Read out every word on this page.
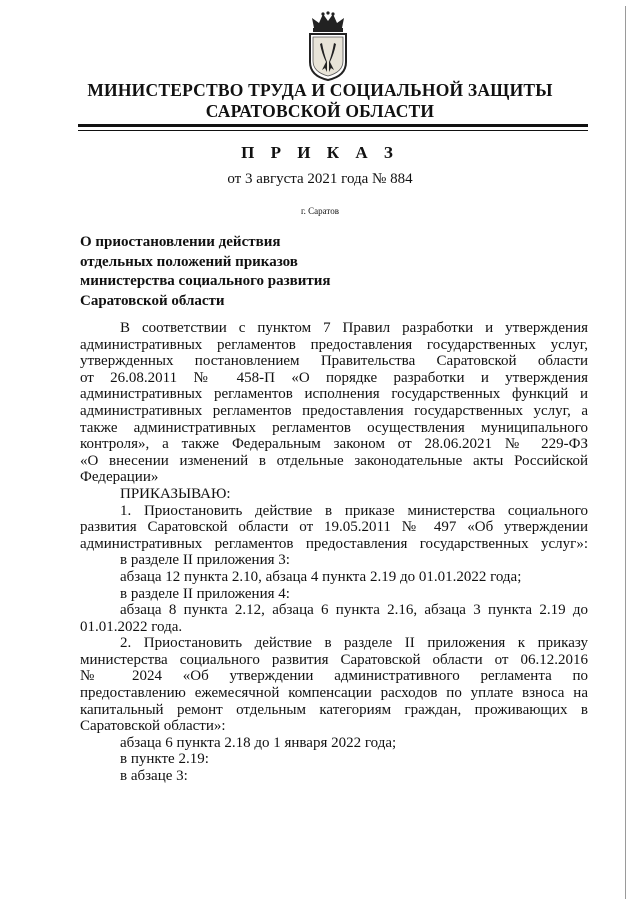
МИНИСТЕРСТВО ТРУДА И СОЦИАЛЬНОЙ ЗАЩИТЫ
САРАТОВСКОЙ ОБЛАСТИ
П Р И К А З
от 3 августа 2021 года № 884
г. Саратов
О приостановлении действия
отдельных положений приказов
министерства социального развития
Саратовской области
В соответствии с пунктом 7 Правил разработки и утверждения
административных регламентов предоставления государственных услуг,
утвержденных постановлением Правительства Саратовской области
от 26.08.2011 № 458-П «О порядке разработки и утверждения
административных регламентов исполнения государственных функций и
административных регламентов предоставления государственных услуг, а
также административных регламентов осуществления муниципального
контроля», а также Федеральным законом от 28.06.2021 № 229-ФЗ
«О внесении изменений в отдельные законодательные акты Российской
Федерации»
ПРИКАЗЫВАЮ:
1. Приостановить действие в приказе министерства социального
развития Саратовской области от 19.05.2011 № 497 «Об утверждении
административных регламентов предоставления государственных услуг»:
в разделе II приложения 3:
абзаца 12 пункта 2.10, абзаца 4 пункта 2.19 до 01.01.2022 года;
в разделе II приложения 4:
абзаца 8 пункта 2.12, абзаца 6 пункта 2.16, абзаца 3 пункта 2.19 до
01.01.2022 года.
2. Приостановить действие в разделе II приложения к приказу
министерства социального развития Саратовской области от 06.12.2016
№ 2024 «Об утверждении административного регламента по
предоставлению ежемесячной компенсации расходов по уплате взноса на
капитальный ремонт отдельным категориям граждан, проживающих в
Саратовской области»:
абзаца 6 пункта 2.18 до 1 января 2022 года;
в пункте 2.19:
в абзаце 3:
